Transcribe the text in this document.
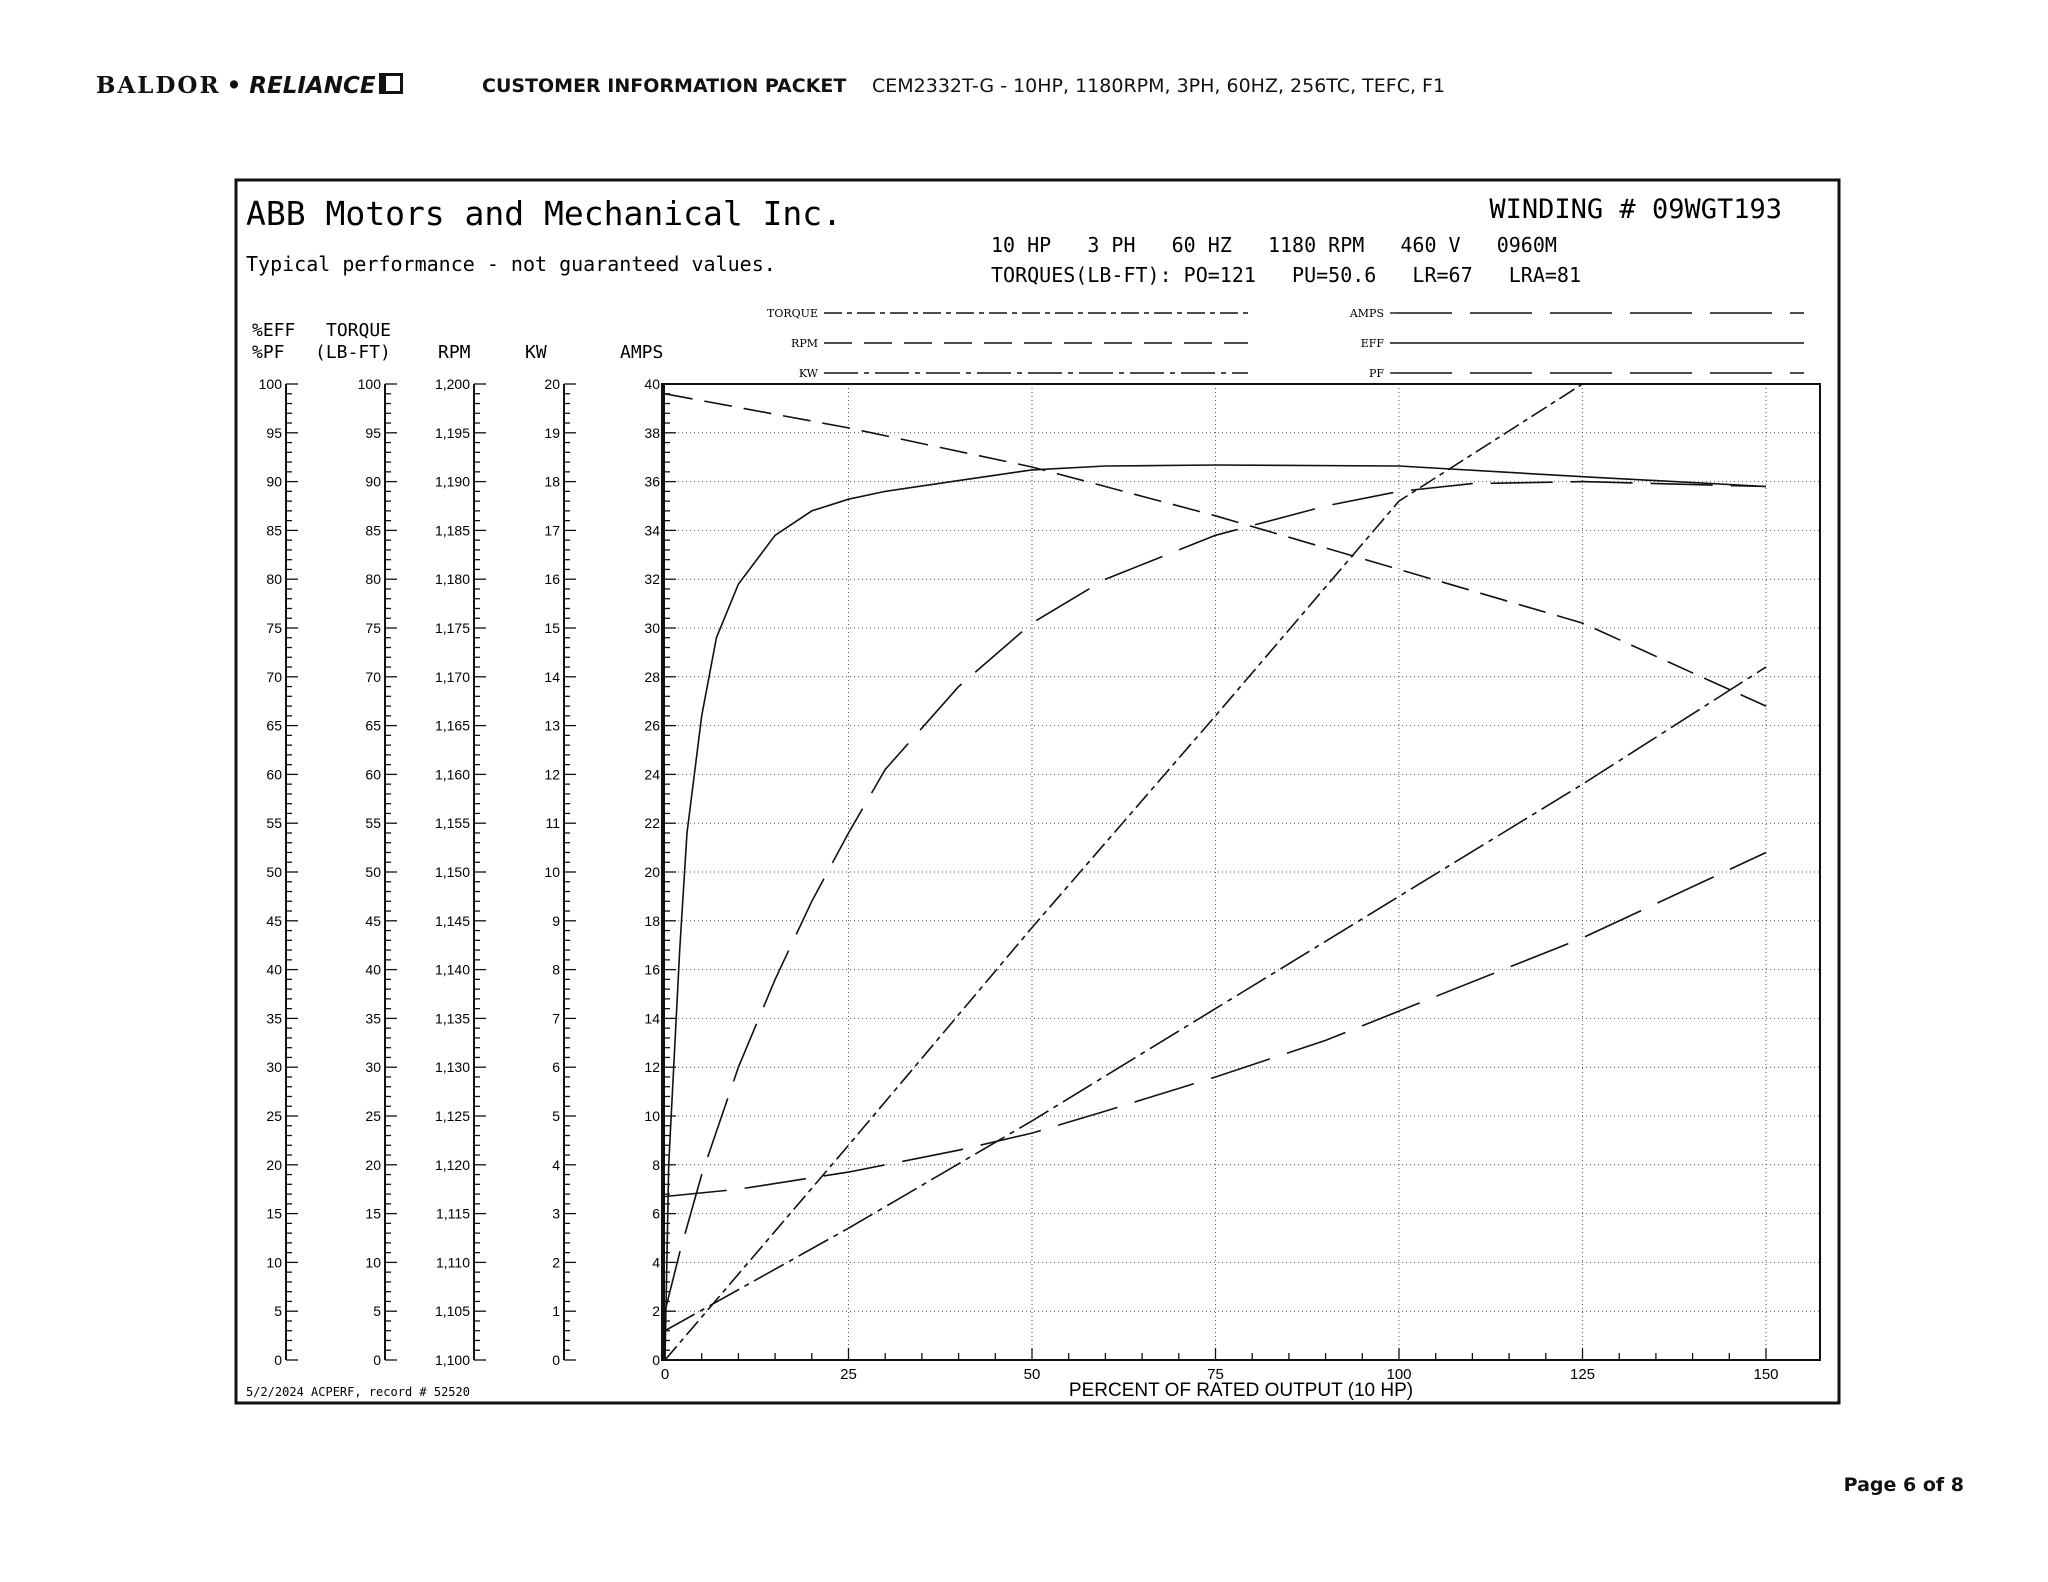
BALDOR • RELIANCE	CUSTOMER INFORMATION PACKET CEM2332T-G - 10HP, 1180RPM, 3PH, 60HZ, 256TC, TEFC, F1
ABB Motors and Mechanical Inc.
Typical performance - not guaranteed values.
WINDING # 09WGT193
10 HP   3 PH   60 HZ   1180 RPM   460 V   0960M
TORQUES(LB-FT): PO=121   PU=50.6   LR=67   LRA=81
%EFF
%PF
TORQUE
(LB-FT)	RPM	KW	AMPS
TORQUE
RPM
KW
AMPS
EFF
PF
0
5
10
15
20
25
30
35
40
45
50
55
60
65
70
75
80
85
90
95
100
0
5
10
15
20
25
30
35
40
45
50
55
60
65
70
75
80
85
90
95
100
1,100
1,105
1,110
1,115
1,120
1,125
1,130
1,135
1,140
1,145
1,150
1,155
1,160
1,165
1,170
1,175
1,180
1,185
1,190
1,195
1,200
0
1
2
3
4
5
6
7
8
9
10
11
12
13
14
15
16
17
18
19
20
0
2
4
6
8
10
12
14
16
18
20
22
24
26
28
30
32
34
36
38
40
0	25	50	75	100	125	150
PERCENT OF RATED OUTPUT (10 HP)
5/2/2024 ACPERF, record # 52520
Page 6 of 8
